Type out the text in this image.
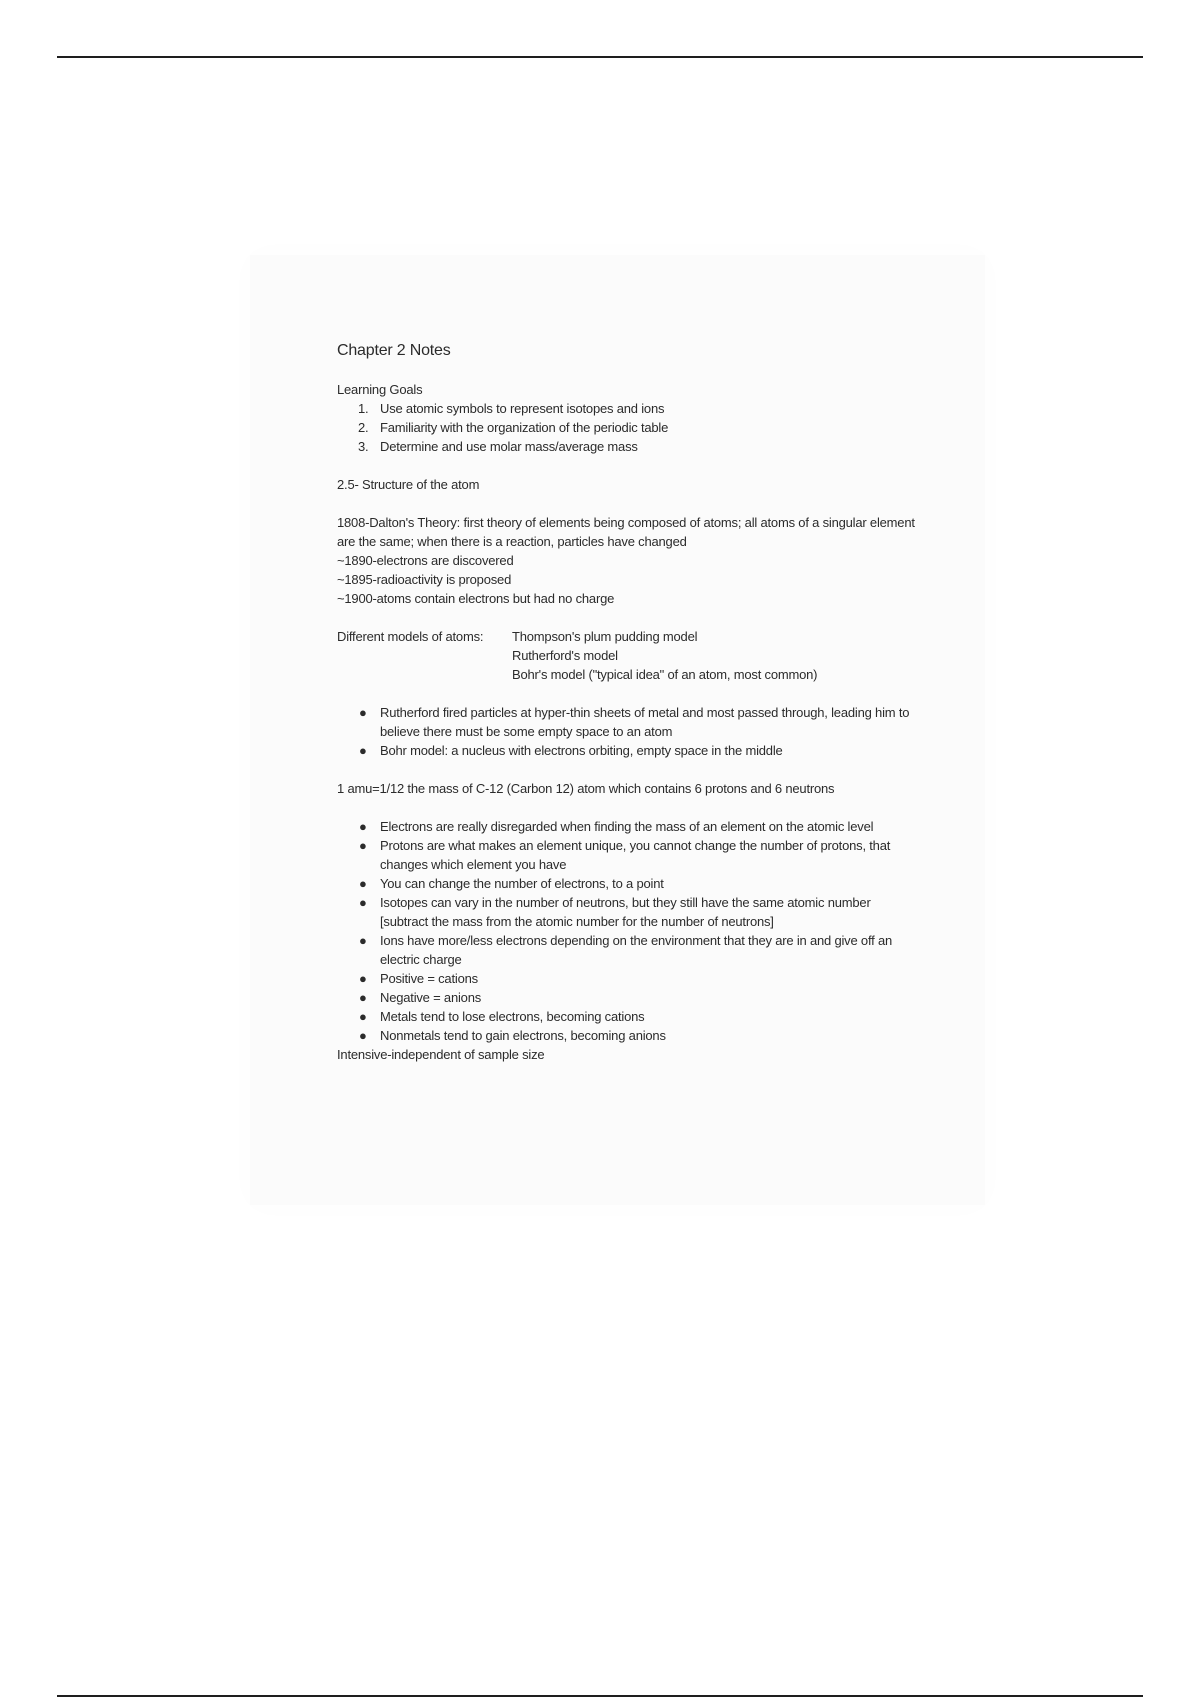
Chapter 2 Notes

Learning Goals

1. Use atomic symbols to represent isotopes and ions
2. Familiarity with the organization of the periodic table
3. Determine and use molar mass/average mass

2.5- Structure of the atom

1808-Dalton's Theory: first theory of elements being composed of atoms; all atoms of a singular element are the same; when there is a reaction, particles have changed

~1890-electrons are discovered

~1895-radioactivity is proposed

~1900-atoms contain electrons but had no charge

Different models of atoms:	Thompson's plum pudding model
Rutherford's model
Bohr's model ("typical idea" of an atom, most common)
● Rutherford fired particles at hyper-thin sheets of metal and most passed through, leading him to believe there must be some empty space to an atom
● Bohr model: a nucleus with electrons orbiting, empty space in the middle

1 amu=1/12 the mass of C-12 (Carbon 12) atom which contains 6 protons and 6 neutrons

● Electrons are really disregarded when finding the mass of an element on the atomic level
● Protons are what makes an element unique, you cannot change the number of protons, that changes which element you have
● You can change the number of electrons, to a point
● Isotopes can vary in the number of neutrons, but they still have the same atomic number [subtract the mass from the atomic number for the number of neutrons]
● Ions have more/less electrons depending on the environment that they are in and give off an electric charge
● Positive = cations
● Negative = anions
● Metals tend to lose electrons, becoming cations
● Nonmetals tend to gain electrons, becoming anions

Intensive-independent of sample size
